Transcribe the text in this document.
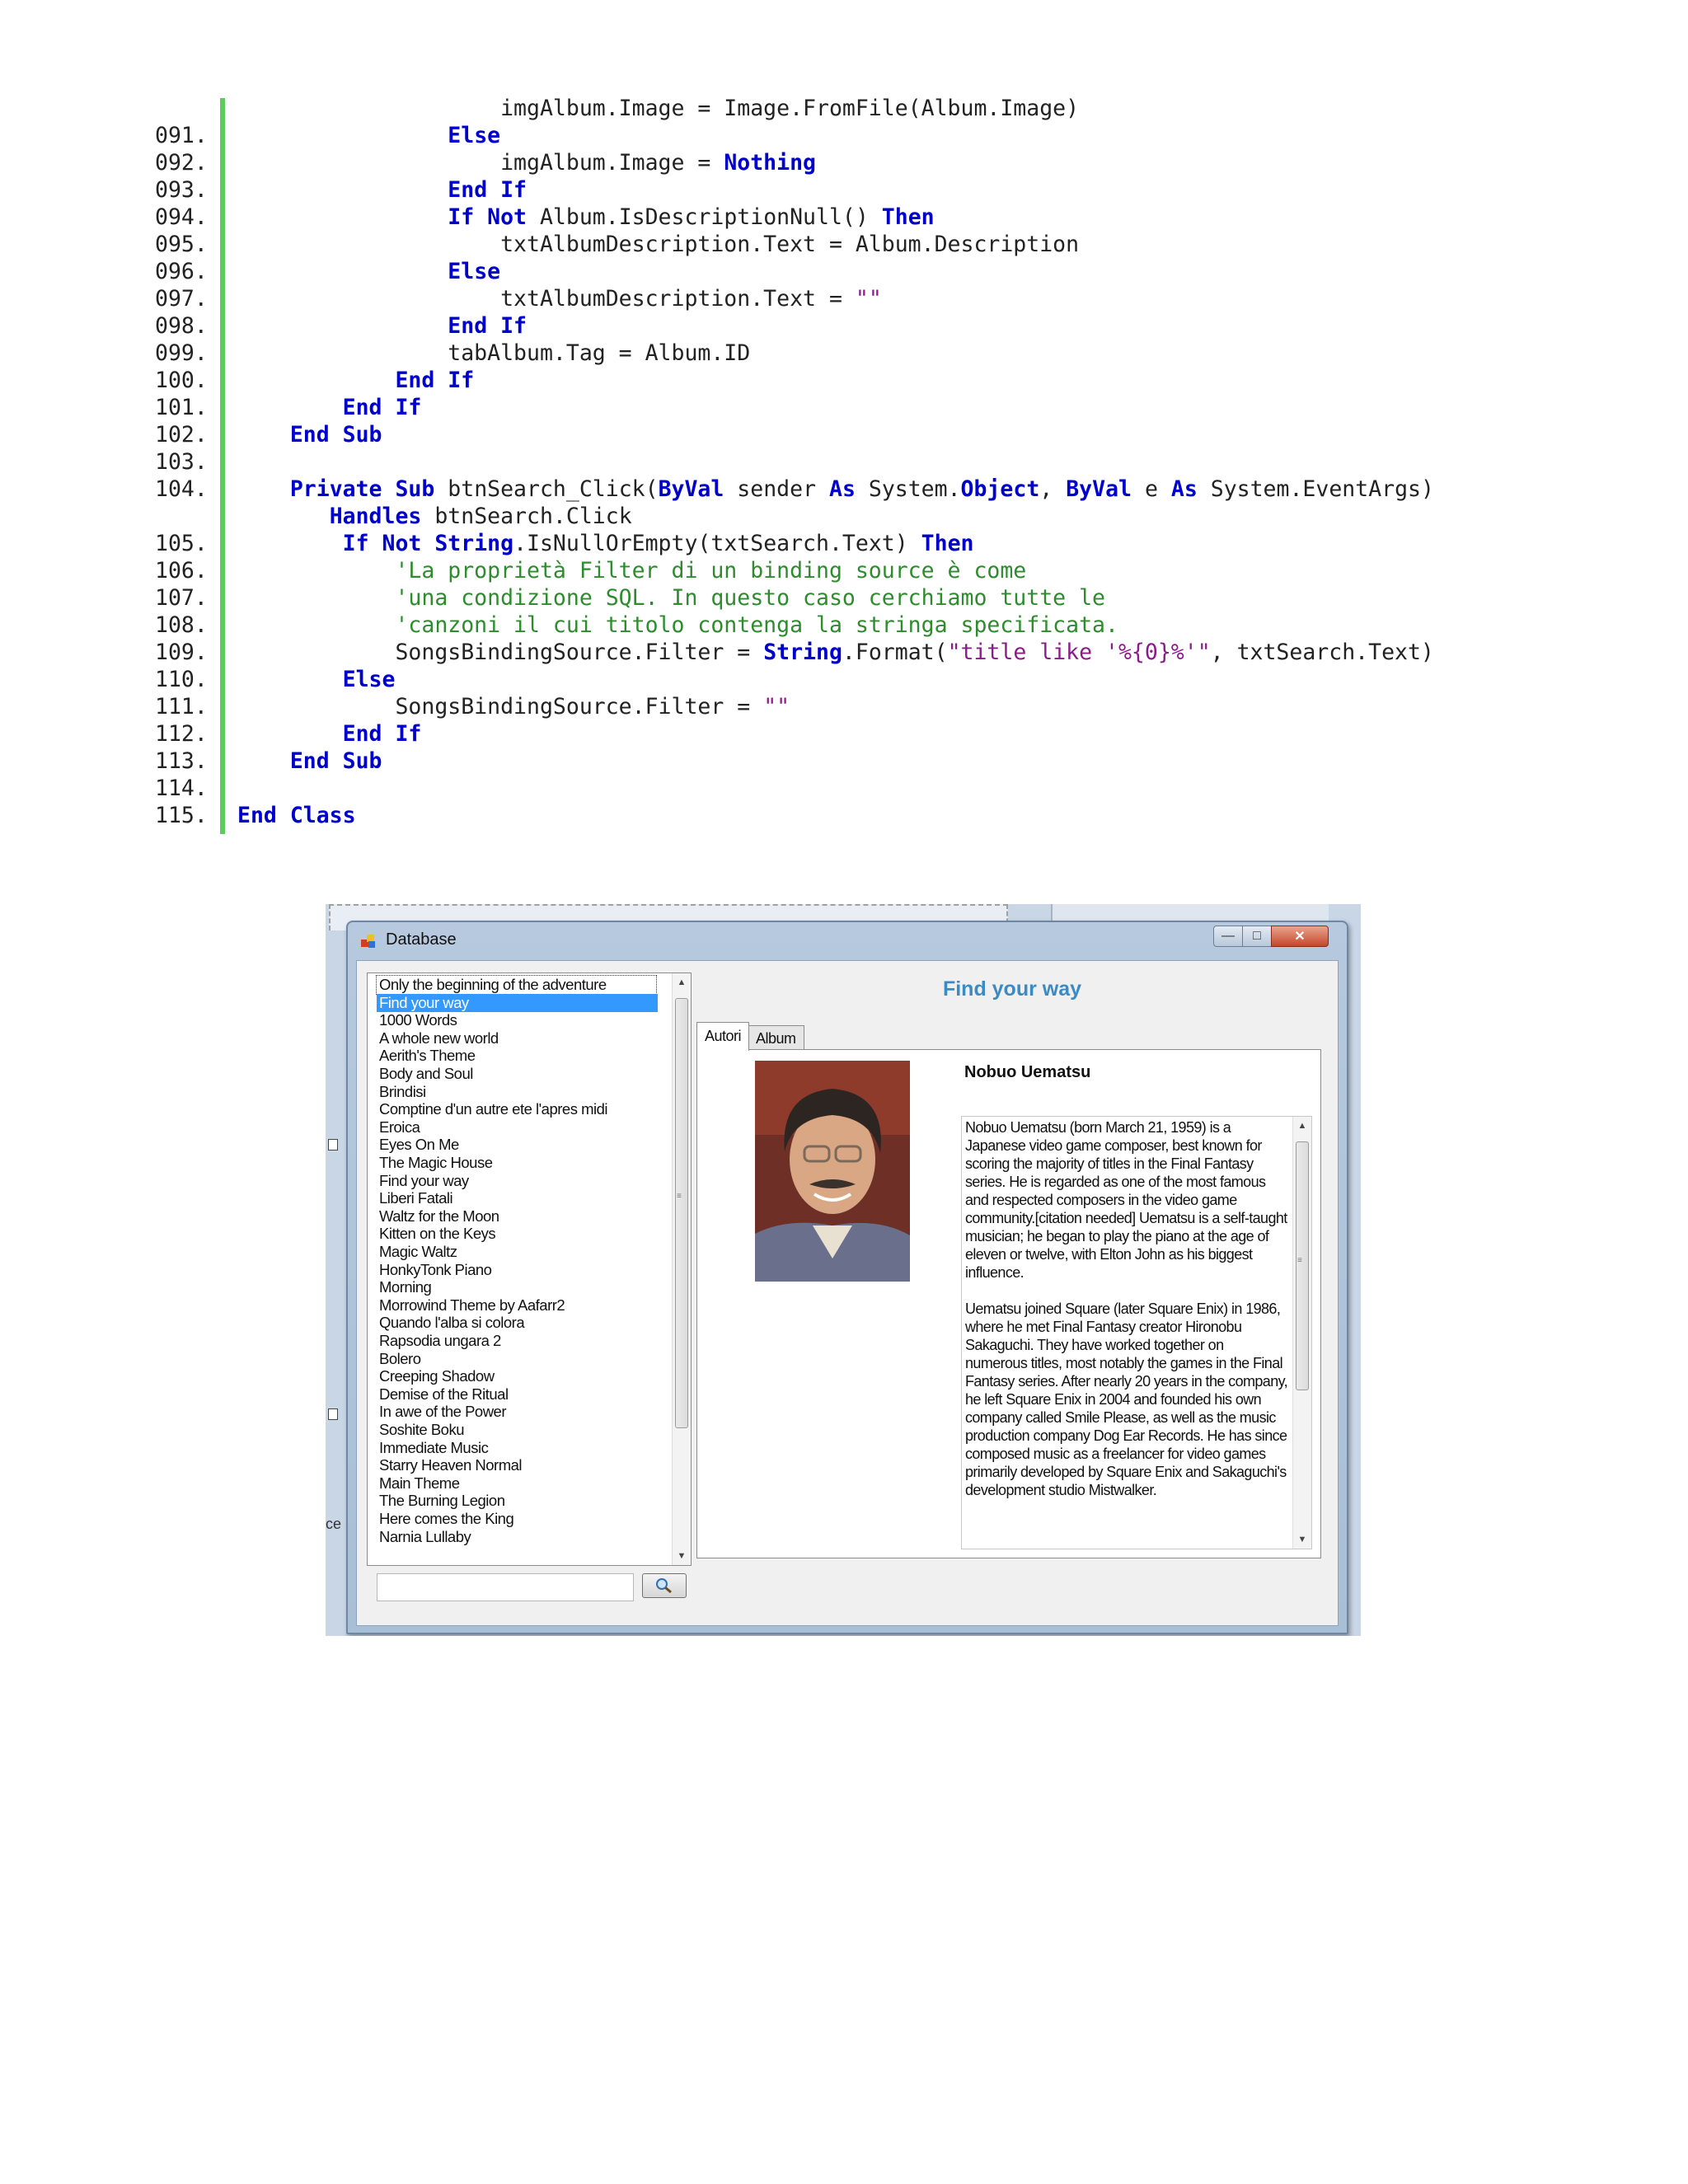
imgAlbum.Image = Image.FromFile(Album.Image)
091.	Else
092.	imgAlbum.Image = Nothing
093.	End If
094.	If Not Album.IsDescriptionNull() Then
095.	txtAlbumDescription.Text = Album.Description
096.	Else
097.	txtAlbumDescription.Text = ""
098.	End If
099.	tabAlbum.Tag = Album.ID
100.	End If
101.	End If
102.	End Sub
103.
104.	Private Sub btnSearch_Click(ByVal sender As System.Object, ByVal e As System.EventArgs)
Handles btnSearch.Click
105.	If Not String.IsNullOrEmpty(txtSearch.Text) Then
106.	'La proprietà Filter di un binding source è come
107.	'una condizione SQL. In questo caso cerchiamo tutte le
108.	'canzoni il cui titolo contenga la stringa specificata.
109.	SongsBindingSource.Filter = String.Format("title like '%{0}%'", txtSearch.Text)
110.	Else
111.	SongsBindingSource.Filter = ""
112.	End If
113.	End Sub
114.
115.	End Class
ce
Database	— □	✕
Only the beginning of the adventure
Find your way
1000 Words
A whole new world
Aerith's Theme
Body and Soul
Brindisi
Comptine d'un autre ete l'apres midi
Eroica
Eyes On Me
The Magic House
Find your way
Liberi Fatali
Waltz for the Moon
Kitten on the Keys
Magic Waltz
HonkyTonk Piano
Morning
Morrowind Theme by Aafarr2
Quando l'alba si colora
Rapsodia ungara 2
Bolero
Creeping Shadow
Demise of the Ritual
In awe of the Power
Soshite Boku
Immediate Music
Starry Heaven Normal
Main Theme
The Burning Legion
Here comes the King
Narnia Lullaby
▲
≡
▼
Find your way
Autori Album
Nobuo Uematsu

Nobuo Uematsu (born March 21, 1959) is a Japanese video game composer, best known for scoring the majority of titles in the Final Fantasy series. He is regarded as one of the most famous and respected composers in the video game community.[citation needed] Uematsu is a self-taught musician; he began to play the piano at the age of eleven or twelve, with Elton John as his biggest influence.

Uematsu joined Square (later Square Enix) in 1986, where he met Final Fantasy creator Hironobu Sakaguchi. They have worked together on numerous titles, most notably the games in the Final Fantasy series. After nearly 20 years in the company, he left Square Enix in 2004 and founded his own company called Smile Please, as well as the music production company Dog Ear Records. He has since composed music as a freelancer for video games primarily developed by Square Enix and Sakaguchi's development studio Mistwalker.

▲
≡
▼
